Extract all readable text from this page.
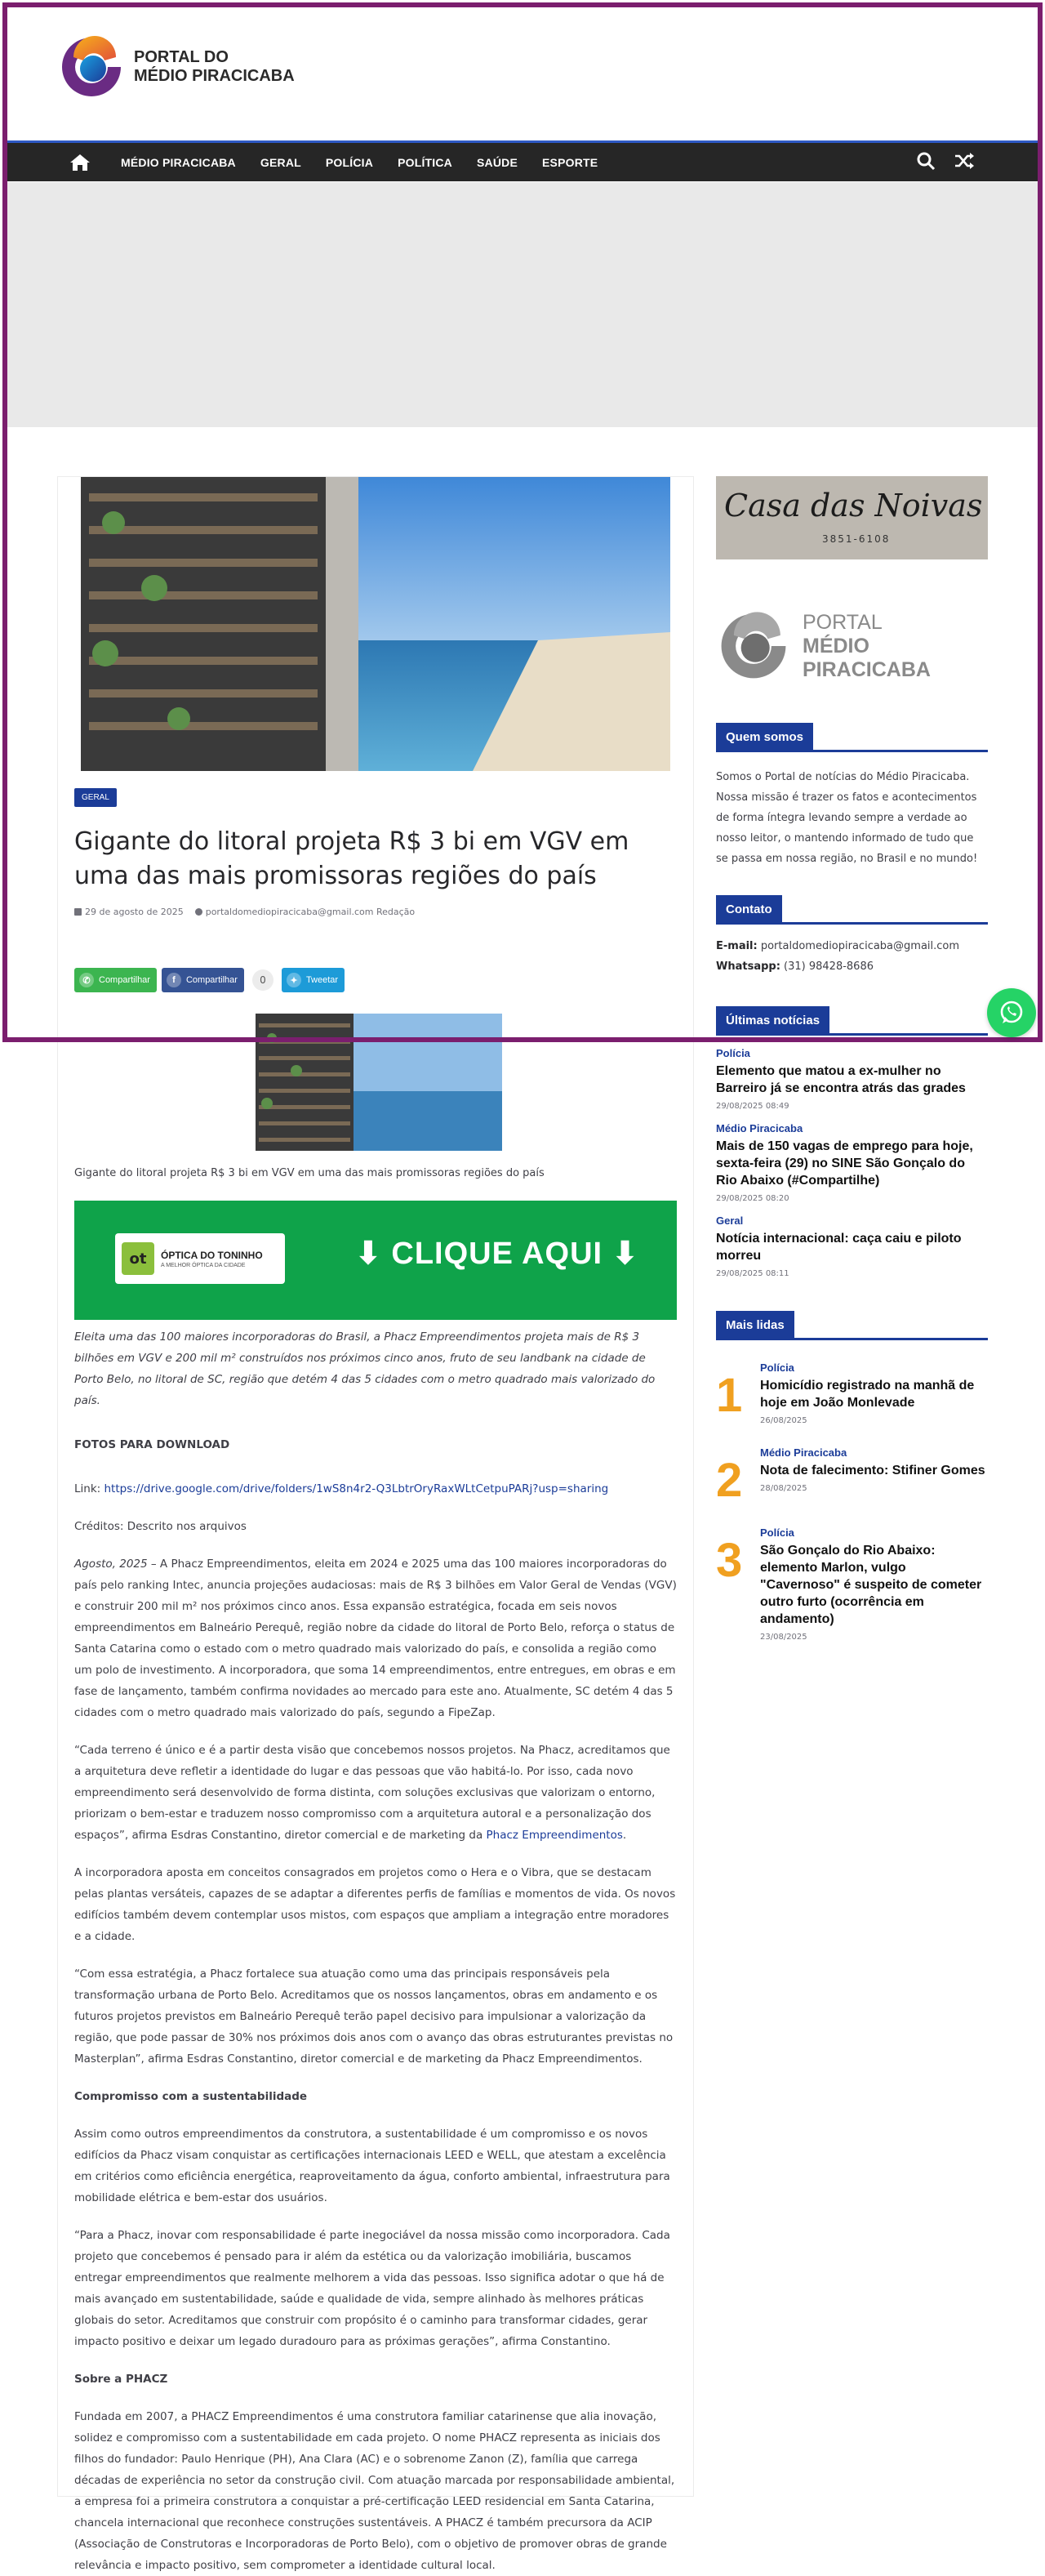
PORTAL DO
MÉDIO PIRACICABA
MÉDIO PIRACICABA GERAL POLÍCIA POLÍTICA SAÚDE ESPORTE
GERAL
Gigante do litoral projeta R$ 3 bi em VGV em uma das mais promissoras regiões do país
29 de agosto de 2025	portaldomediopiracicaba@gmail.com Redação
✆ Compartilhar	f	Compartilhar	0	✦ Tweetar

Gigante do litoral projeta R$ 3 bi em VGV em uma das mais promissoras regiões do país

ot	ÓPTICA DO TONINHO
A MELHOR ÓPTICA DA CIDADE	⬇ CLIQUE AQUI ⬇

Eleita uma das 100 maiores incorporadoras do Brasil, a Phacz Empreendimentos projeta mais de R$ 3 bilhões em VGV e 200 mil m² construídos nos próximos cinco anos, fruto de seu landbank na cidade de Porto Belo, no litoral de SC, região que detém 4 das 5 cidades com o metro quadrado mais valorizado do país.

FOTOS PARA DOWNLOAD

Link: https://drive.google.com/drive/folders/1wS8n4r2-Q3LbtrOryRaxWLtCetpuPARj?usp=sharing

Créditos: Descrito nos arquivos

Agosto, 2025 – A Phacz Empreendimentos, eleita em 2024 e 2025 uma das 100 maiores incorporadoras do país pelo ranking Intec, anuncia projeções audaciosas: mais de R$ 3 bilhões em Valor Geral de Vendas (VGV) e construir 200 mil m² nos próximos cinco anos. Essa expansão estratégica, focada em seis novos empreendimentos em Balneário Perequê, região nobre da cidade do litoral de Porto Belo, reforça o status de Santa Catarina como o estado com o metro quadrado mais valorizado do país, e consolida a região como um polo de investimento. A incorporadora, que soma 14 empreendimentos, entre entregues, em obras e em fase de lançamento, também confirma novidades ao mercado para este ano. Atualmente, SC detém 4 das 5 cidades com o metro quadrado mais valorizado do país, segundo a FipeZap.

“Cada terreno é único e é a partir desta visão que concebemos nossos projetos. Na Phacz, acreditamos que a arquitetura deve refletir a identidade do lugar e das pessoas que vão habitá-lo. Por isso, cada novo empreendimento será desenvolvido de forma distinta, com soluções exclusivas que valorizam o entorno, priorizam o bem-estar e traduzem nosso compromisso com a arquitetura autoral e a personalização dos espaços”, afirma Esdras Constantino, diretor comercial e de marketing da Phacz Empreendimentos.

A incorporadora aposta em conceitos consagrados em projetos como o Hera e o Vibra, que se destacam pelas plantas versáteis, capazes de se adaptar a diferentes perfis de famílias e momentos de vida. Os novos edifícios também devem contemplar usos mistos, com espaços que ampliam a integração entre moradores e a cidade.

“Com essa estratégia, a Phacz fortalece sua atuação como uma das principais responsáveis pela transformação urbana de Porto Belo. Acreditamos que os nossos lançamentos, obras em andamento e os futuros projetos previstos em Balneário Perequê terão papel decisivo para impulsionar a valorização da região, que pode passar de 30% nos próximos dois anos com o avanço das obras estruturantes previstas no Masterplan”, afirma Esdras Constantino, diretor comercial e de marketing da Phacz Empreendimentos.

Compromisso com a sustentabilidade

Assim como outros empreendimentos da construtora, a sustentabilidade é um compromisso e os novos edifícios da Phacz visam conquistar as certificações internacionais LEED e WELL, que atestam a excelência em critérios como eficiência energética, reaproveitamento da água, conforto ambiental, infraestrutura para mobilidade elétrica e bem-estar dos usuários.

“Para a Phacz, inovar com responsabilidade é parte inegociável da nossa missão como incorporadora. Cada projeto que concebemos é pensado para ir além da estética ou da valorização imobiliária, buscamos entregar empreendimentos que realmente melhorem a vida das pessoas. Isso significa adotar o que há de mais avançado em sustentabilidade, saúde e qualidade de vida, sempre alinhado às melhores práticas globais do setor. Acreditamos que construir com propósito é o caminho para transformar cidades, gerar impacto positivo e deixar um legado duradouro para as próximas gerações”, afirma Constantino.

Sobre a PHACZ

Fundada em 2007, a PHACZ Empreendimentos é uma construtora familiar catarinense que alia inovação, solidez e compromisso com a sustentabilidade em cada projeto. O nome PHACZ representa as iniciais dos filhos do fundador: Paulo Henrique (PH), Ana Clara (AC) e o sobrenome Zanon (Z), família que carrega décadas de experiência no setor da construção civil. Com atuação marcada por responsabilidade ambiental, a empresa foi a primeira construtora a conquistar a pré-certificação LEED residencial em Santa Catarina, chancela internacional que reconhece construções sustentáveis. A PHACZ é também precursora da ACIP (Associação de Construtoras e Incorporadoras de Porto Belo), com o objetivo de promover obras de grande relevância e impacto positivo, sem comprometer a identidade cultural local.

Casa das Noivas
3851-6108
PORTAL
MÉDIO PIRACICABA
Quem somos

Somos o Portal de notícias do Médio Piracicaba. Nossa missão é trazer os fatos e acontecimentos de forma íntegra levando sempre a verdade ao nosso leitor, o mantendo informado de tudo que se passa em nossa região, no Brasil e no mundo!

Contato
E-mail: portaldomediopiracicaba@gmail.com
Whatsapp: (31) 98428-8686
Últimas notícias
Polícia
Elemento que matou a ex-mulher no Barreiro já se encontra atrás das grades
29/08/2025 08:49
Médio Piracicaba
Mais de 150 vagas de emprego para hoje, sexta-feira (29) no SINE São Gonçalo do Rio Abaixo (#Compartilhe)
29/08/2025 08:20
Geral
Notícia internacional: caça caiu e piloto morreu
29/08/2025 08:11
Mais lidas
1
Polícia
Homicídio registrado na manhã de hoje em João Monlevade
26/08/2025
2
Médio Piracicaba
Nota de falecimento: Stifiner Gomes
28/08/2025
3
Polícia
São Gonçalo do Rio Abaixo: elemento Marlon, vulgo "Cavernoso" é suspeito de cometer outro furto (ocorrência em andamento)
23/08/2025
